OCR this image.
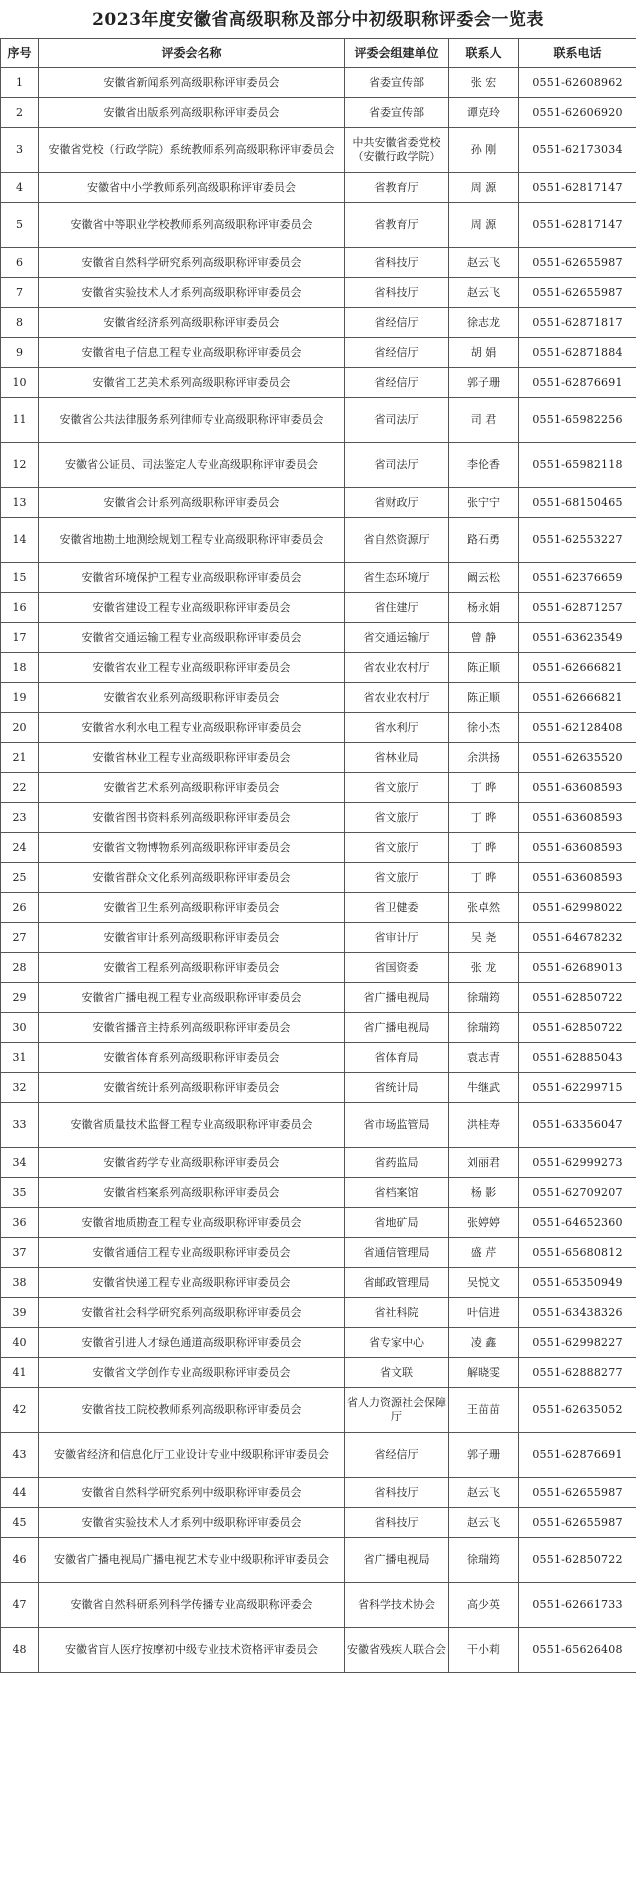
2023年度安徽省高级职称及部分中初级职称评委会一览表
序号	评委会名称	评委会组建单位	联系人	联系电话
1	安徽省新闻系列高级职称评审委员会	省委宣传部	张 宏	0551-62608962
2	安徽省出版系列高级职称评审委员会	省委宣传部	谭克玲	0551-62606920
3	安徽省党校（行政学院）系统教师系列高级职称评审委员会	中共安徽省委党校（安徽行政学院）	孙 刚	0551-62173034
4	安徽省中小学教师系列高级职称评审委员会	省教育厅	周 源	0551-62817147
5	安徽省中等职业学校教师系列高级职称评审委员会	省教育厅	周 源	0551-62817147
6	安徽省自然科学研究系列高级职称评审委员会	省科技厅	赵云飞	0551-62655987
7	安徽省实验技术人才系列高级职称评审委员会	省科技厅	赵云飞	0551-62655987
8	安徽省经济系列高级职称评审委员会	省经信厅	徐志龙	0551-62871817
9	安徽省电子信息工程专业高级职称评审委员会	省经信厅	胡 娟	0551-62871884
10	安徽省工艺美术系列高级职称评审委员会	省经信厅	郭子珊	0551-62876691
11	安徽省公共法律服务系列律师专业高级职称评审委员会	省司法厅	司 君	0551-65982256
12	安徽省公证员、司法鉴定人专业高级职称评审委员会	省司法厅	李伦香	0551-65982118
13	安徽省会计系列高级职称评审委员会	省财政厅	张宁宁	0551-68150465
14	安徽省地勘土地测绘规划工程专业高级职称评审委员会	省自然资源厅	路石勇	0551-62553227
15	安徽省环境保护工程专业高级职称评审委员会	省生态环境厅	阚云松	0551-62376659
16	安徽省建设工程专业高级职称评审委员会	省住建厅	杨永娟	0551-62871257
17	安徽省交通运输工程专业高级职称评审委员会	省交通运输厅	曾 静	0551-63623549
18	安徽省农业工程专业高级职称评审委员会	省农业农村厅	陈正顺	0551-62666821
19	安徽省农业系列高级职称评审委员会	省农业农村厅	陈正顺	0551-62666821
20	安徽省水利水电工程专业高级职称评审委员会	省水利厅	徐小杰	0551-62128408
21	安徽省林业工程专业高级职称评审委员会	省林业局	余洪扬	0551-62635520
22	安徽省艺术系列高级职称评审委员会	省文旅厅	丁 晔	0551-63608593
23	安徽省图书资料系列高级职称评审委员会	省文旅厅	丁 晔	0551-63608593
24	安徽省文物博物系列高级职称评审委员会	省文旅厅	丁 晔	0551-63608593
25	安徽省群众文化系列高级职称评审委员会	省文旅厅	丁 晔	0551-63608593
26	安徽省卫生系列高级职称评审委员会	省卫健委	张卓然	0551-62998022
27	安徽省审计系列高级职称评审委员会	省审计厅	吴 尧	0551-64678232
28	安徽省工程系列高级职称评审委员会	省国资委	张 龙	0551-62689013
29	安徽省广播电视工程专业高级职称评审委员会	省广播电视局	徐瑞筠	0551-62850722
30	安徽省播音主持系列高级职称评审委员会	省广播电视局	徐瑞筠	0551-62850722
31	安徽省体育系列高级职称评审委员会	省体育局	袁志青	0551-62885043
32	安徽省统计系列高级职称评审委员会	省统计局	牛继武	0551-62299715
33	安徽省质量技术监督工程专业高级职称评审委员会	省市场监管局	洪桂寿	0551-63356047
34	安徽省药学专业高级职称评审委员会	省药监局	刘丽君	0551-62999273
35	安徽省档案系列高级职称评审委员会	省档案馆	杨 影	0551-62709207
36	安徽省地质勘查工程专业高级职称评审委员会	省地矿局	张婷婷	0551-64652360
37	安徽省通信工程专业高级职称评审委员会	省通信管理局	盛 芹	0551-65680812
38	安徽省快递工程专业高级职称评审委员会	省邮政管理局	吴悦文	0551-65350949
39	安徽省社会科学研究系列高级职称评审委员会	省社科院	叶信进	0551-63438326
40	安徽省引进人才绿色通道高级职称评审委员会	省专家中心	凌 鑫	0551-62998227
41	安徽省文学创作专业高级职称评审委员会	省文联	解晓雯	0551-62888277
42	安徽省技工院校教师系列高级职称评审委员会	省人力资源社会保障厅	王苗苗	0551-62635052
43	安徽省经济和信息化厅工业设计专业中级职称评审委员会	省经信厅	郭子珊	0551-62876691
44	安徽省自然科学研究系列中级职称评审委员会	省科技厅	赵云飞	0551-62655987
45	安徽省实验技术人才系列中级职称评审委员会	省科技厅	赵云飞	0551-62655987
46	安徽省广播电视局广播电视艺术专业中级职称评审委员会	省广播电视局	徐瑞筠	0551-62850722
47	安徽省自然科研系列科学传播专业高级职称评委会	省科学技术协会	高少英	0551-62661733
48	安徽省盲人医疗按摩初中级专业技术资格评审委员会	安徽省残疾人联合会	干小莉	0551-65626408
